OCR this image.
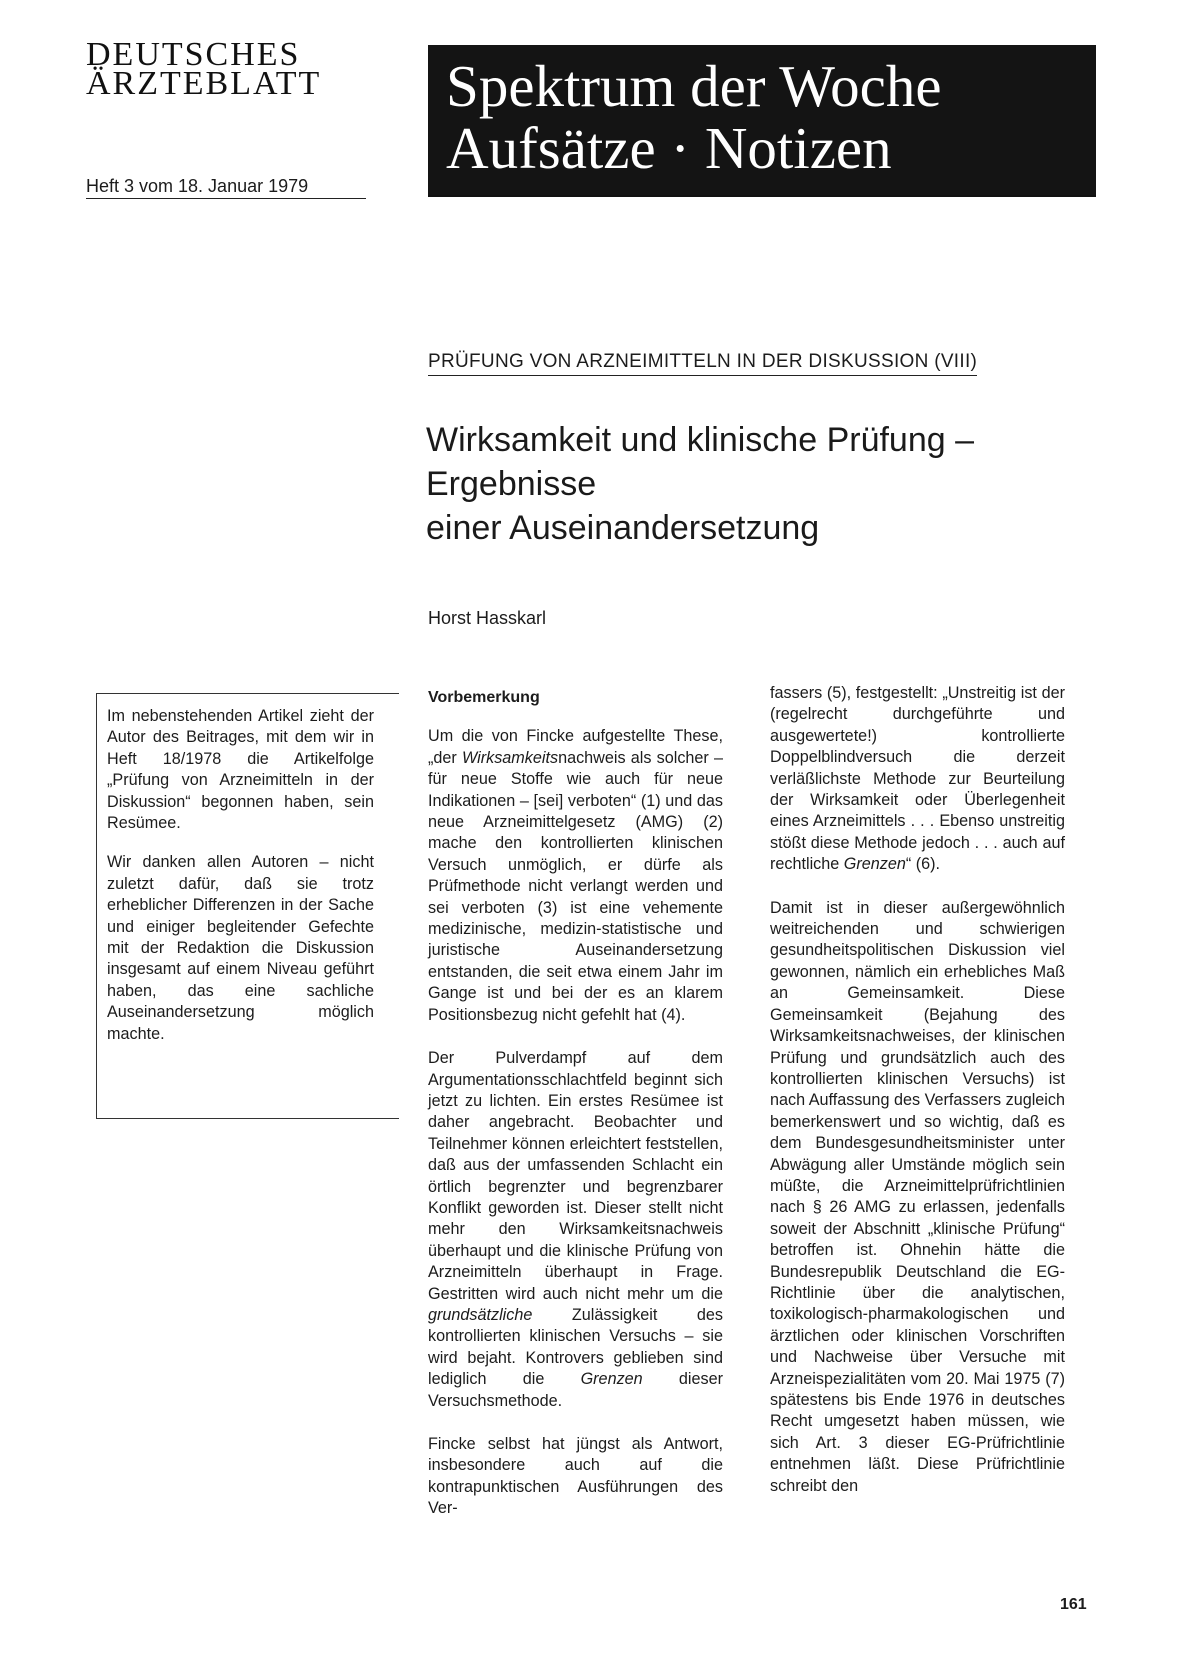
DEUTSCHES
ÄRZTEBLATT Spektrum der Woche
Aufsätze · Notizen
Heft 3 vom 18. Januar 1979
PRÜFUNG VON ARZNEIMITTELN IN DER DISKUSSION (VIII)
Wirksamkeit und klinische Prüfung –
Ergebnisse
einer Auseinandersetzung
Horst Hasskarl

Im nebenstehenden Artikel zieht der Autor des Beitrages, mit dem wir in Heft 18/1978 die Artikelfolge „Prüfung von Arzneimitteln in der Diskussion“ begonnen haben, sein Resümee.

Wir danken allen Autoren – nicht zuletzt dafür, daß sie trotz erheblicher Differenzen in der Sache und einiger begleitender Gefechte mit der Redaktion die Diskussion insgesamt auf einem Niveau geführt haben, das eine sachliche Auseinandersetzung möglich machte.

Vorbemerkung

Um die von Fincke aufgestellte These, „der Wirksamkeitsnachweis als solcher – für neue Stoffe wie auch für neue Indikationen – [sei] verboten“ (1) und das neue Arzneimittelgesetz (AMG) (2) mache den kontrollierten klinischen Versuch unmöglich, er dürfe als Prüfmethode nicht verlangt werden und sei verboten (3) ist eine vehemente medizinische, medizin-statistische und juristische Auseinandersetzung entstanden, die seit etwa einem Jahr im Gange ist und bei der es an klarem Positionsbezug nicht gefehlt hat (4).

Der Pulverdampf auf dem Argumentationsschlachtfeld beginnt sich jetzt zu lichten. Ein erstes Resümee ist daher angebracht. Beobachter und Teilnehmer können erleichtert feststellen, daß aus der umfassenden Schlacht ein örtlich begrenzter und begrenzbarer Konflikt geworden ist. Dieser stellt nicht mehr den Wirksamkeitsnachweis überhaupt und die klinische Prüfung von Arzneimitteln überhaupt in Frage. Gestritten wird auch nicht mehr um die grundsätzliche Zulässigkeit des kontrollierten klinischen Versuchs – sie wird bejaht. Kontrovers geblieben sind lediglich die Grenzen dieser Versuchsmethode.

Fincke selbst hat jüngst als Antwort, insbesondere auch auf die kontrapunktischen Ausführungen des Ver-

fassers (5), festgestellt: „Unstreitig ist der (regelrecht durchgeführte und ausgewertete!) kontrollierte Doppelblindversuch die derzeit verläßlichste Methode zur Beurteilung der Wirksamkeit oder Überlegenheit eines Arzneimittels . . . Ebenso unstreitig stößt diese Methode jedoch . . . auch auf rechtliche Grenzen“ (6).

Damit ist in dieser außergewöhnlich weitreichenden und schwierigen gesundheitspolitischen Diskussion viel gewonnen, nämlich ein erhebliches Maß an Gemeinsamkeit. Diese Gemeinsamkeit (Bejahung des Wirksamkeitsnachweises, der klinischen Prüfung und grundsätzlich auch des kontrollierten klinischen Versuchs) ist nach Auffassung des Verfassers zugleich bemerkenswert und so wichtig, daß es dem Bundesgesundheitsminister unter Abwägung aller Umstände möglich sein müßte, die Arzneimittelprüfrichtlinien nach § 26 AMG zu erlassen, jedenfalls soweit der Abschnitt „klinische Prüfung“ betroffen ist. Ohnehin hätte die Bundesrepublik Deutschland die EG-Richtlinie über die analytischen, toxikologisch-pharmakologischen und ärztlichen oder klinischen Vorschriften und Nachweise über Versuche mit Arzneispezialitäten vom 20. Mai 1975 (7) spätestens bis Ende 1976 in deutsches Recht umgesetzt haben müssen, wie sich Art. 3 dieser EG-Prüfrichtlinie entnehmen läßt. Diese Prüfrichtlinie schreibt den

161
